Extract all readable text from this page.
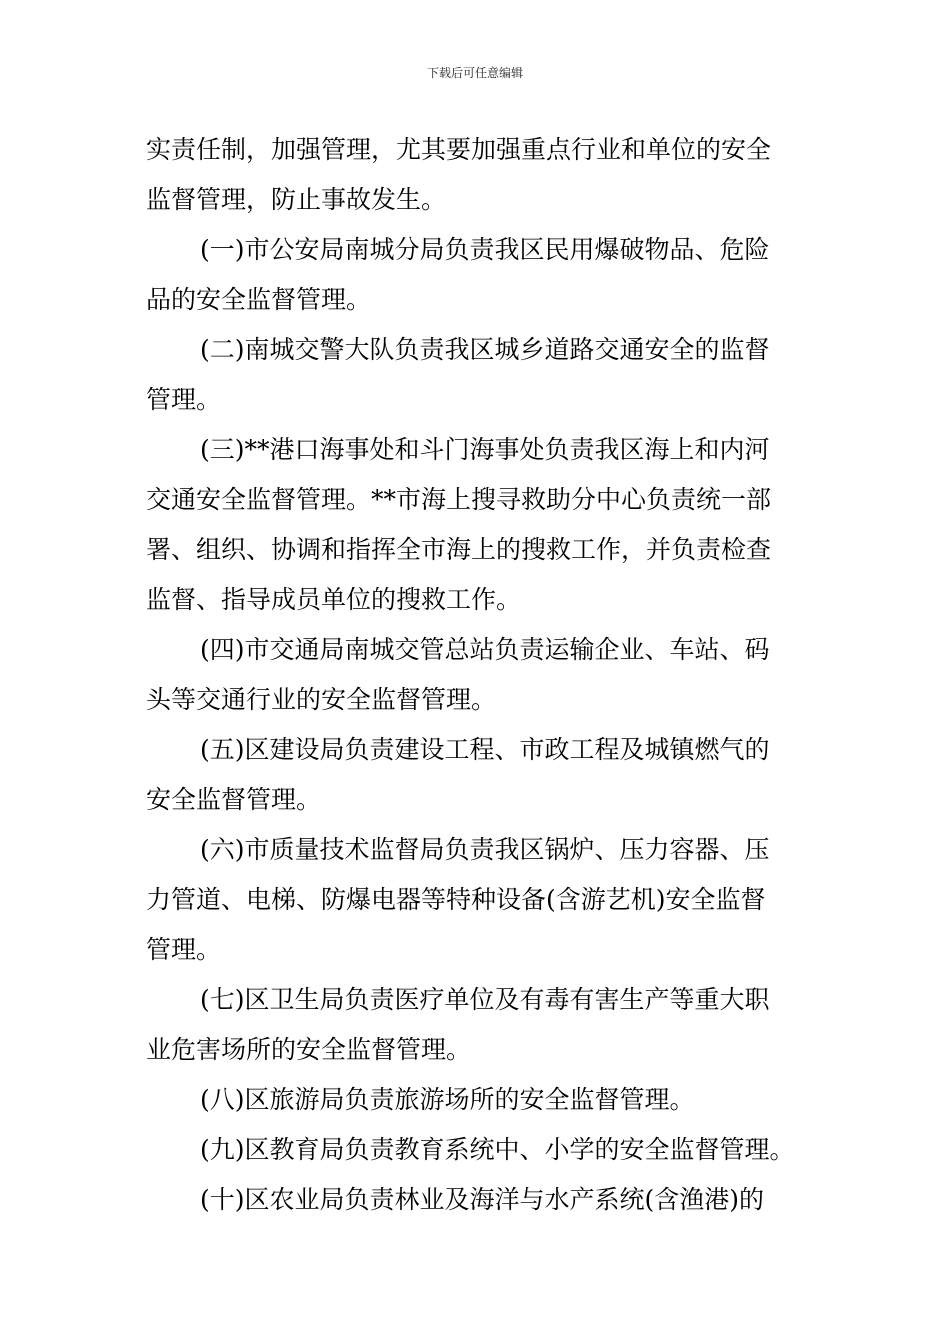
下载后可任意编辑
实责任制，加强管理，尤其要加强重点行业和单位的安全
监督管理，防止事故发生。
(一)市公安局南城分局负责我区民用爆破物品、危险
品的安全监督管理。
(二)南城交警大队负责我区城乡道路交通安全的监督
管理。
(三)**港口海事处和斗门海事处负责我区海上和内河
交通安全监督管理。**市海上搜寻救助分中心负责统一部
署、组织、协调和指挥全市海上的搜救工作，并负责检查
监督、指导成员单位的搜救工作。
(四)市交通局南城交管总站负责运输企业、车站、码
头等交通行业的安全监督管理。
(五)区建设局负责建设工程、市政工程及城镇燃气的
安全监督管理。
(六)市质量技术监督局负责我区锅炉、压力容器、压
力管道、电梯、防爆电器等特种设备(含游艺机)安全监督
管理。
(七)区卫生局负责医疗单位及有毒有害生产等重大职
业危害场所的安全监督管理。
(八)区旅游局负责旅游场所的安全监督管理。
(九)区教育局负责教育系统中、小学的安全监督管理。
(十)区农业局负责林业及海洋与水产系统(含渔港)的
